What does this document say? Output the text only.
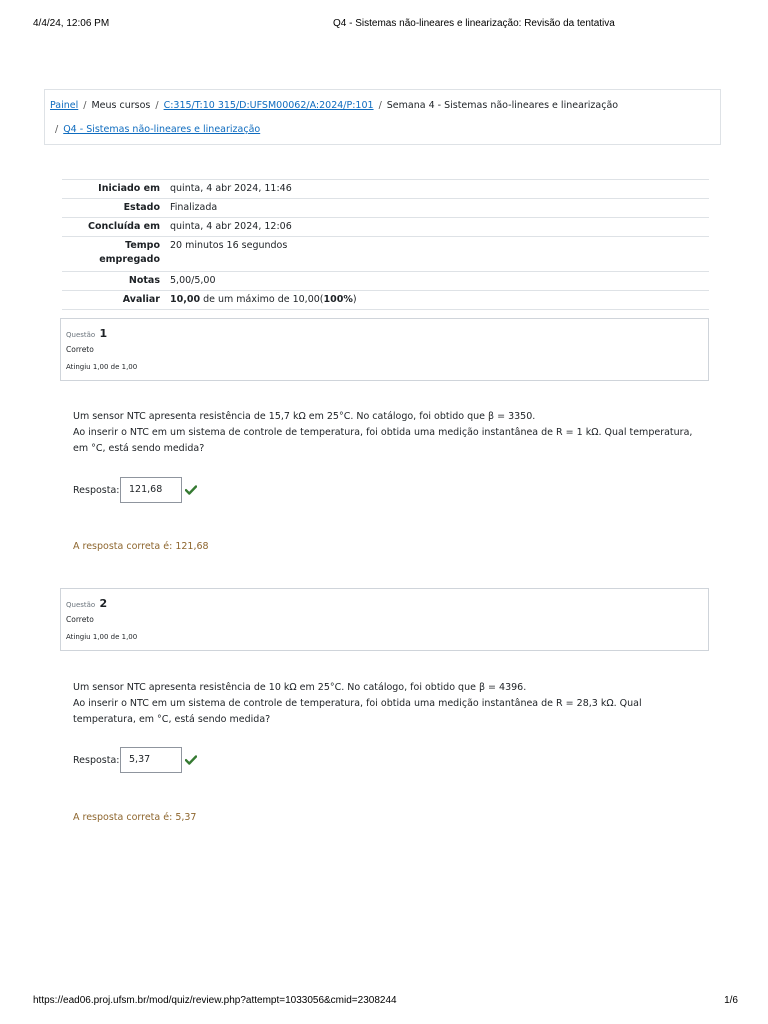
4/4/24, 12:06 PM	Q4 - Sistemas não-lineares e linearização: Revisão da tentativa
Painel / Meus cursos / C:315/T:10 315/D:UFSM00062/A:2024/P:101 / Semana 4 - Sistemas não-lineares e linearização
/ Q4 - Sistemas não-lineares e linearização
Iniciado em	quinta, 4 abr 2024, 11:46
Estado	Finalizada
Concluída em	quinta, 4 abr 2024, 12:06
Tempo empregado	20 minutos 16 segundos
Notas	5,00/5,00
Avaliar	10,00 de um máximo de 10,00(100%)
Questão 1
Correto
Atingiu 1,00 de 1,00

Um sensor NTC apresenta resistência de 15,7 kΩ em 25°C. No catálogo, foi obtido que β = 3350.

Ao inserir o NTC em um sistema de controle de temperatura, foi obtida uma medição instantânea de R = 1 kΩ. Qual temperatura, em °C, está sendo medida?

Resposta: 121,68
A resposta correta é: 121,68
Questão 2
Correto
Atingiu 1,00 de 1,00

Um sensor NTC apresenta resistência de 10 kΩ em 25°C. No catálogo, foi obtido que β = 4396.

Ao inserir o NTC em um sistema de controle de temperatura, foi obtida uma medição instantânea de R = 28,3 kΩ. Qual temperatura, em °C, está sendo medida?

Resposta: 5,37
A resposta correta é: 5,37
https://ead06.proj.ufsm.br/mod/quiz/review.php?attempt=1033056&cmid=2308244	1/6
